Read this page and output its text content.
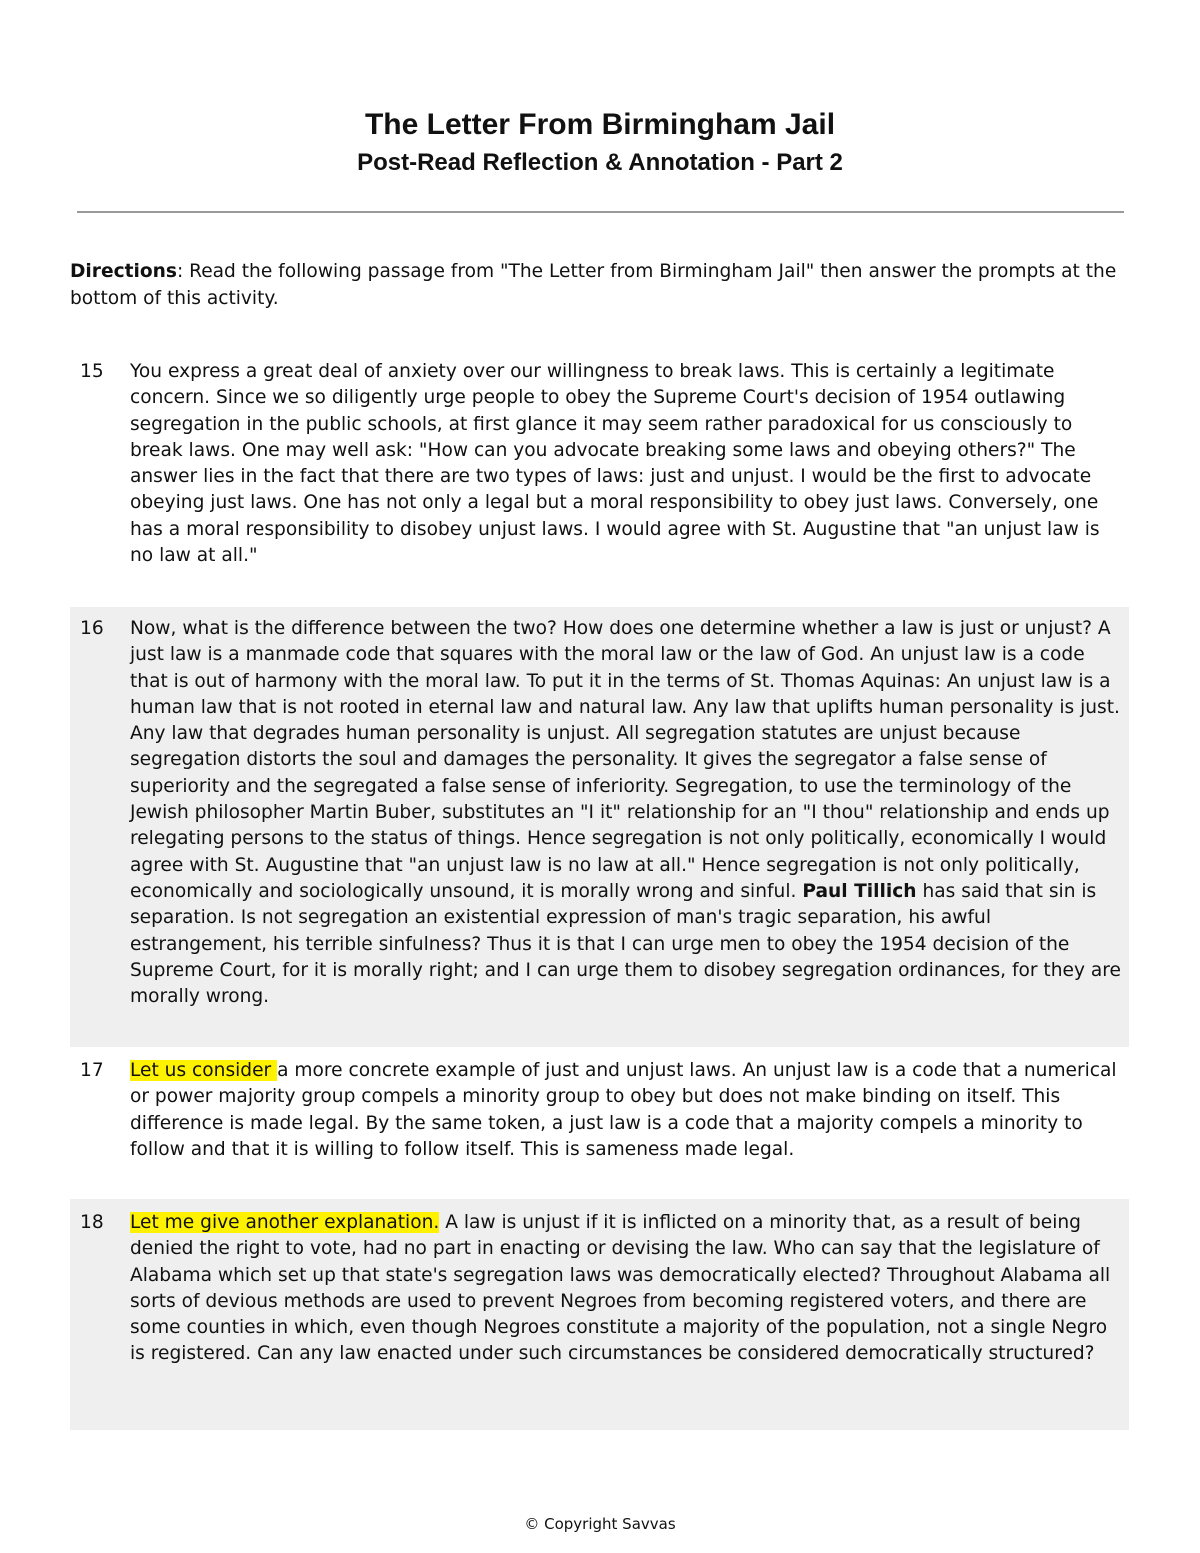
The Letter From Birmingham Jail
Post-Read Reflection & Annotation - Part 2
Directions: Read the following passage from "The Letter from Birmingham Jail" then answer the prompts at the bottom of this activity.
15 You express a great deal of anxiety over our willingness to break laws. This is certainly a legitimate concern. Since we so diligently urge people to obey the Supreme Court's decision of 1954 outlawing segregation in the public schools, at first glance it may seem rather paradoxical for us consciously to break laws. One may well ask: "How can you advocate breaking some laws and obeying others?" The answer lies in the fact that there are two types of laws: just and unjust. I would be the first to advocate obeying just laws. One has not only a legal but a moral responsibility to obey just laws. Conversely, one has a moral responsibility to disobey unjust laws. I would agree with St. Augustine that "an unjust law is no law at all."
16 Now, what is the difference between the two? How does one determine whether a law is just or unjust? A just law is a manmade code that squares with the moral law or the law of God. An unjust law is a code that is out of harmony with the moral law. To put it in the terms of St. Thomas Aquinas: An unjust law is a human law that is not rooted in eternal law and natural law. Any law that uplifts human personality is just. Any law that degrades human personality is unjust. All segregation statutes are unjust because segregation distorts the soul and damages the personality. It gives the segregator a false sense of superiority and the segregated a false sense of inferiority. Segregation, to use the terminology of the Jewish philosopher Martin Buber, substitutes an "I it" relationship for an "I thou" relationship and ends up relegating persons to the status of things. Hence segregation is not only politically, economically I would agree with St. Augustine that "an unjust law is no law at all." Hence segregation is not only politically, economically and sociologically unsound, it is morally wrong and sinful. Paul Tillich has said that sin is separation. Is not segregation an existential expression of man's tragic separation, his awful estrangement, his terrible sinfulness? Thus it is that I can urge men to obey the 1954 decision of the Supreme Court, for it is morally right; and I can urge them to disobey segregation ordinances, for they are morally wrong.
17 Let us consider a more concrete example of just and unjust laws. An unjust law is a code that a numerical or power majority group compels a minority group to obey but does not make binding on itself. This difference is made legal. By the same token, a just law is a code that a majority compels a minority to follow and that it is willing to follow itself. This is sameness made legal.
18 Let me give another explanation. A law is unjust if it is inflicted on a minority that, as a result of being denied the right to vote, had no part in enacting or devising the law. Who can say that the legislature of Alabama which set up that state's segregation laws was democratically elected? Throughout Alabama all sorts of devious methods are used to prevent Negroes from becoming registered voters, and there are some counties in which, even though Negroes constitute a majority of the population, not a single Negro is registered. Can any law enacted under such circumstances be considered democratically structured?
© Copyright Savvas
